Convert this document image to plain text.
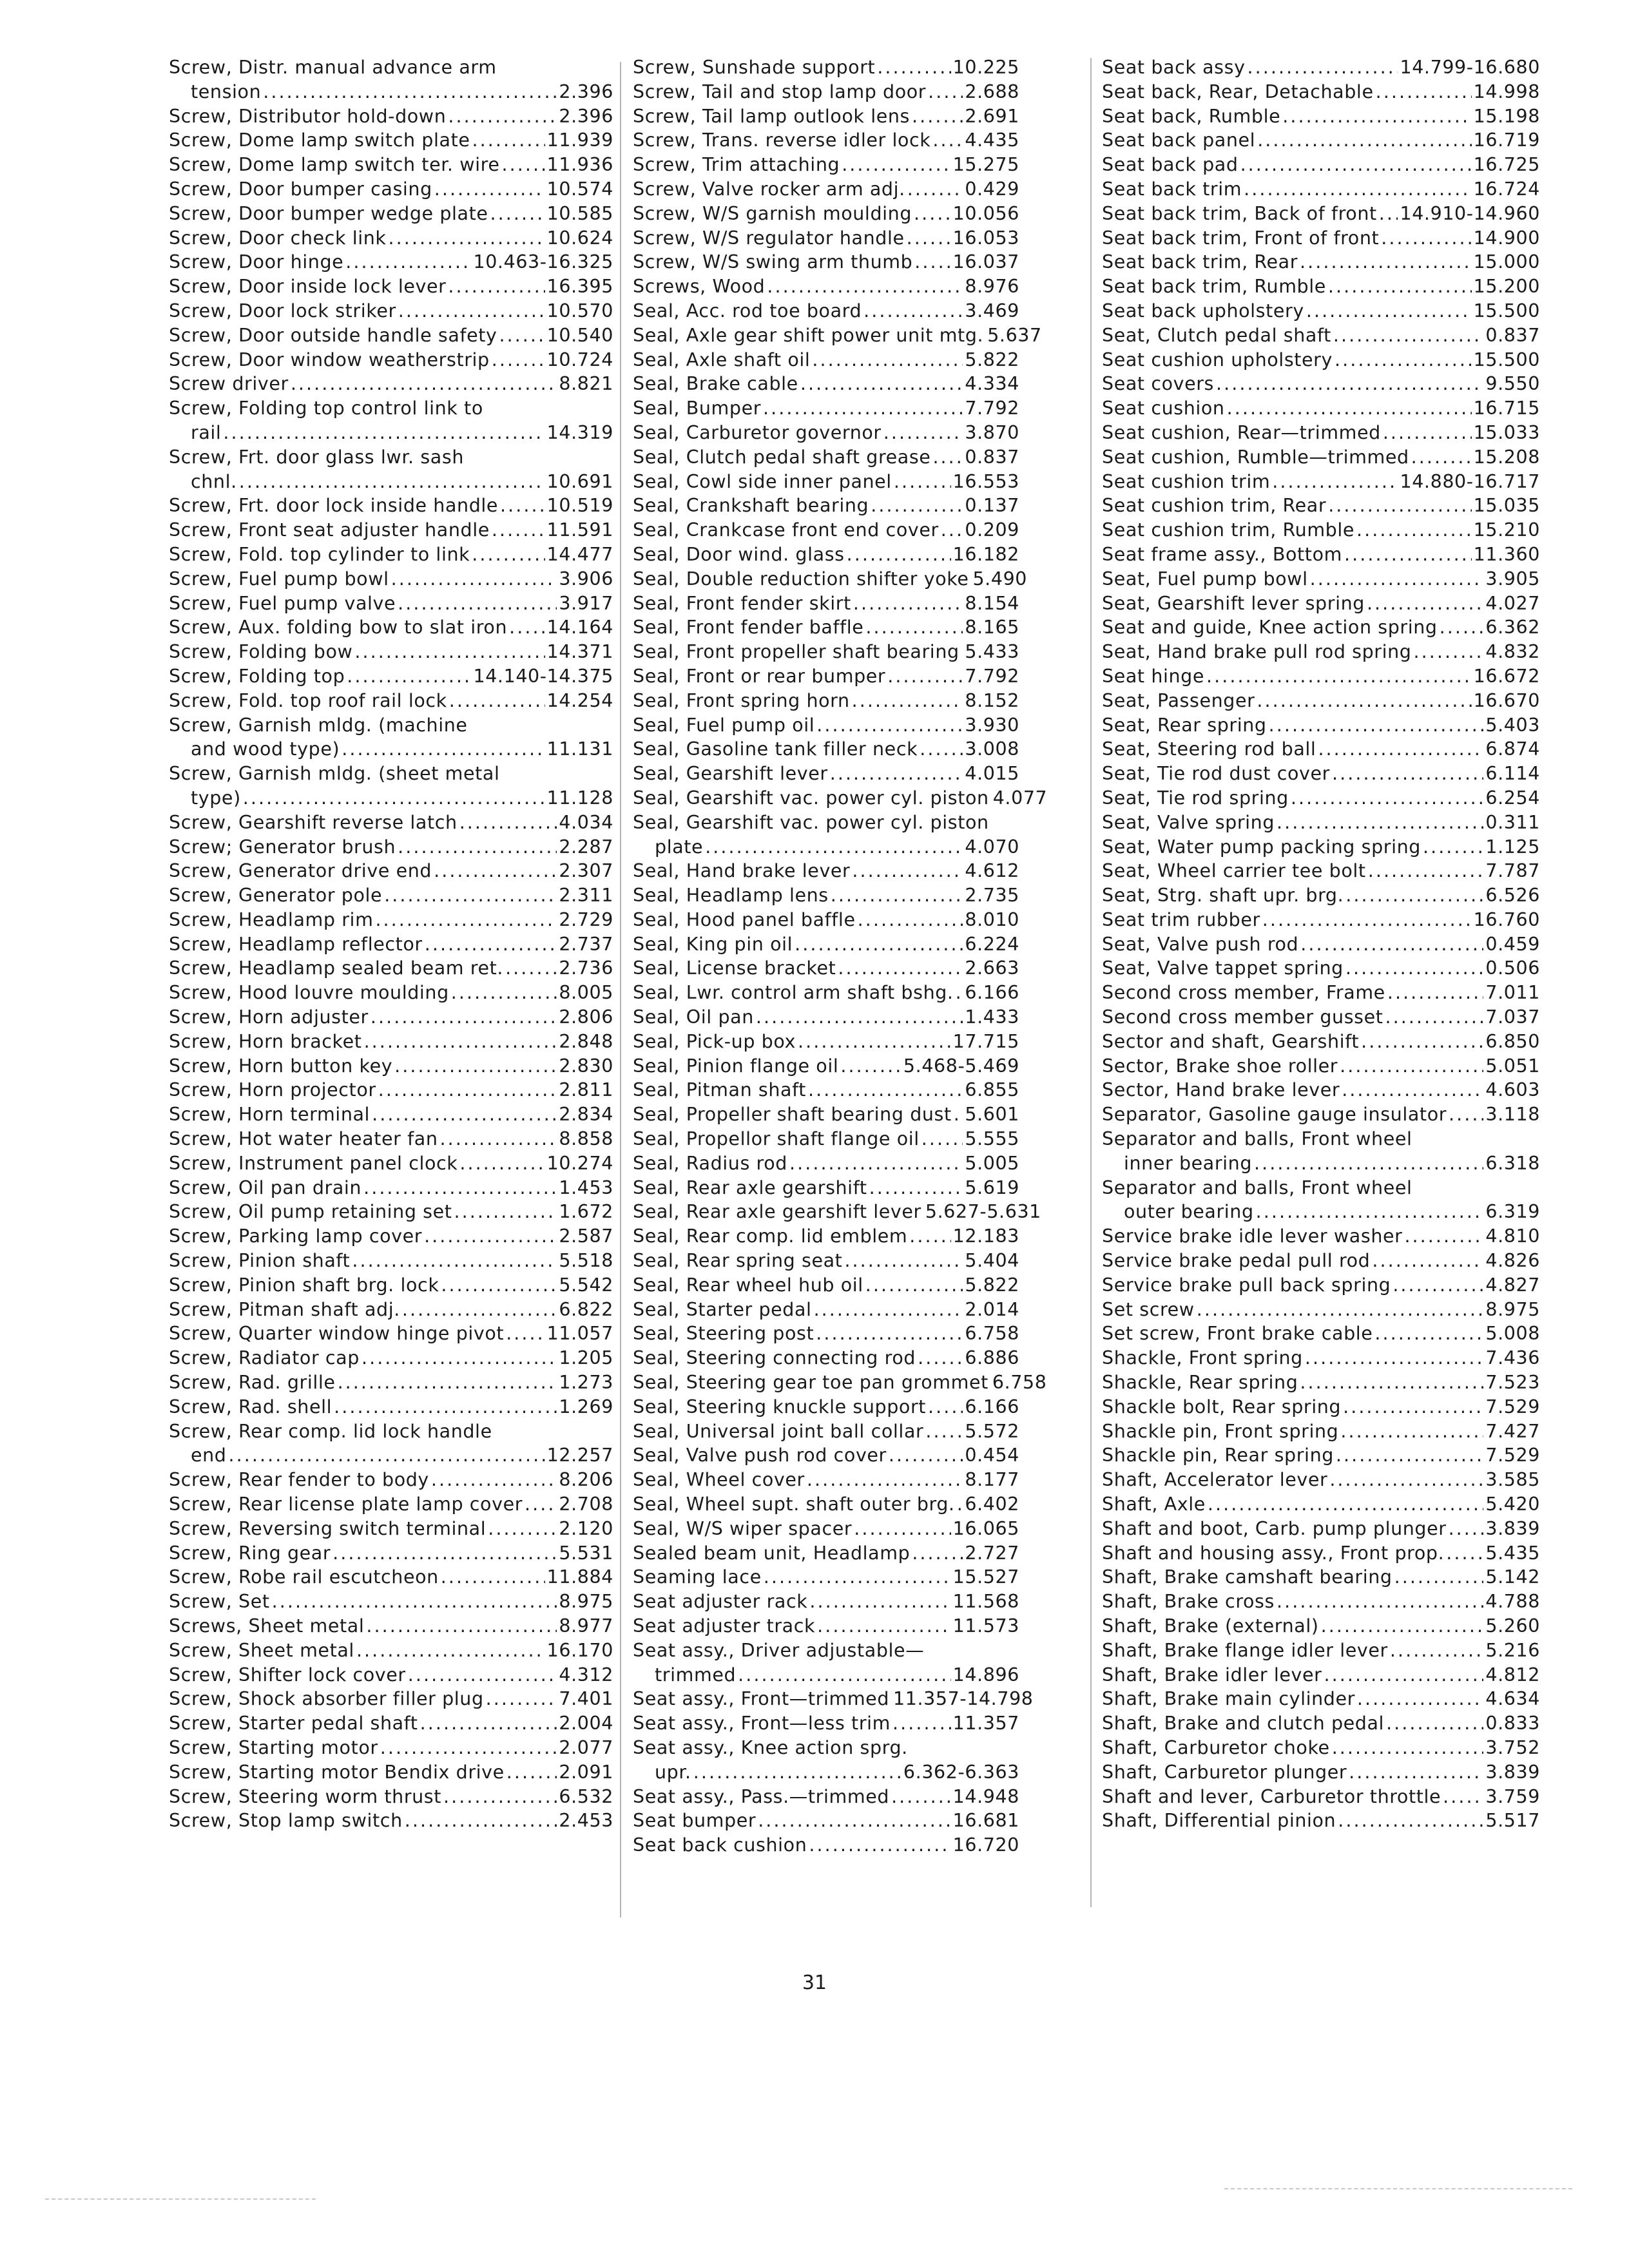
Screw, Distr. manual advance arm
tension . . .	2.396
Screw, Distributor hold-down . . .	2.396
Screw, Dome lamp switch plate . . .	11.939
Screw, Dome lamp switch ter. wire . . .	11.936
Screw, Door bumper casing . . .	10.574
Screw, Door bumper wedge plate . . .	10.585
Screw, Door check link . . .	10.624
Screw, Door hinge . . .	10.463-16.325
Screw, Door inside lock lever . . .	16.395
Screw, Door lock striker . . .	10.570
Screw, Door outside handle safety . . .	10.540
Screw, Door window weatherstrip . . .	10.724
Screw driver . . .	8.821
Screw, Folding top control link to
rail . . .	14.319
Screw, Frt. door glass lwr. sash
chnl. . . .	10.691
Screw, Frt. door lock inside handle . . .	10.519
Screw, Front seat adjuster handle . . .	11.591
Screw, Fold. top cylinder to link . . .	14.477
Screw, Fuel pump bowl . . .	3.906
Screw, Fuel pump valve . . .	3.917
Screw, Aux. folding bow to slat iron . . . 14.164
Screw, Folding bow . . .	14.371
Screw, Folding top . . .	14.140-14.375
Screw, Fold. top roof rail lock . . .	14.254
Screw, Garnish mldg. (machine
and wood type) . . .	11.131
Screw, Garnish mldg. (sheet metal
type) . . .	11.128
Screw, Gearshift reverse latch . . .	4.034
Screw; Generator brush . . .	2.287
Screw, Generator drive end . . .	2.307
Screw, Generator pole . . .	2.311
Screw, Headlamp rim . . .	2.729
Screw, Headlamp reflector . . .	2.737
Screw, Headlamp sealed beam ret. . . .	2.736
Screw, Hood louvre moulding . . .	8.005
Screw, Horn adjuster . . .	2.806
Screw, Horn bracket . . .	2.848
Screw, Horn button key . . .	2.830
Screw, Horn projector . . .	2.811
Screw, Horn terminal . . .	2.834
Screw, Hot water heater fan . . .	8.858
Screw, Instrument panel clock . . .	10.274
Screw, Oil pan drain . . .	1.453
Screw, Oil pump retaining set . . .	1.672
Screw, Parking lamp cover . . .	2.587
Screw, Pinion shaft . . .	5.518
Screw, Pinion shaft brg. lock . . .	5.542
Screw, Pitman shaft adj. . . .	6.822
Screw, Quarter window hinge pivot . . . 11.057
Screw, Radiator cap . . .	1.205
Screw, Rad. grille . . .	1.273
Screw, Rad. shell . . .	1.269
Screw, Rear comp. lid lock handle
end . . .	12.257
Screw, Rear fender to body . . .	8.206
Screw, Rear license plate lamp cover . . . 2.708
Screw, Reversing switch terminal . . .	2.120
Screw, Ring gear . . .	5.531
Screw, Robe rail escutcheon . . .	11.884
Screw, Set . . .	8.975
Screws, Sheet metal . . .	8.977
Screw, Sheet metal . . .	16.170
Screw, Shifter lock cover . . .	4.312
Screw, Shock absorber filler plug . . .	7.401
Screw, Starter pedal shaft . . .	2.004
Screw, Starting motor . . .	2.077
Screw, Starting motor Bendix drive . . .	2.091
Screw, Steering worm thrust . . .	6.532
Screw, Stop lamp switch . . .	2.453
Screw, Sunshade support . . .	10.225
Screw, Tail and stop lamp door . . . 2.688
Screw, Tail lamp outlook lens . . .	2.691
Screw, Trans. reverse idler lock . . . 4.435
Screw, Trim attaching . . .	15.275
Screw, Valve rocker arm adj. . . .	0.429
Screw, W/S garnish moulding . . . 10.056
Screw, W/S regulator handle . . .	16.053
Screw, W/S swing arm thumb . . . 16.037
Screws, Wood . . .	8.976
Seal, Acc. rod toe board . . .	3.469
Seal, Axle gear shift power unit mtg. 5.637
Seal, Axle shaft oil . . .	5.822
Seal, Brake cable . . .	4.334
Seal, Bumper . . .	7.792
Seal, Carburetor governor . . .	3.870
Seal, Clutch pedal shaft grease . . . 0.837
Seal, Cowl side inner panel . . .	16.553
Seal, Crankshaft bearing . . .	0.137
Seal, Crankcase front end cover . . . 0.209
Seal, Door wind. glass . . .	16.182
Seal, Double reduction shifter yoke 5.490
Seal, Front fender skirt . . .	8.154
Seal, Front fender baffle . . .	8.165
Seal, Front propeller shaft bearing . . . 5.433
Seal, Front or rear bumper . . .	7.792
Seal, Front spring horn . . .	8.152
Seal, Fuel pump oil . . .	3.930
Seal, Gasoline tank filler neck . . .	3.008
Seal, Gearshift lever . . .	4.015
Seal, Gearshift vac. power cyl. piston 4.077
Seal, Gearshift vac. power cyl. piston
plate . . .	4.070
Seal, Hand brake lever . . .	4.612
Seal, Headlamp lens . . .	2.735
Seal, Hood panel baffle . . .	8.010
Seal, King pin oil . . .	6.224
Seal, License bracket . . .	2.663
Seal, Lwr. control arm shaft bshg. . . . 6.166
Seal, Oil pan . . .	1.433
Seal, Pick-up box . . .	17.715
Seal, Pinion flange oil . . .	5.468-5.469
Seal, Pitman shaft . . .	6.855
Seal, Propeller shaft bearing dust . . . 5.601
Seal, Propellor shaft flange oil . . . 5.555
Seal, Radius rod . . .	5.005
Seal, Rear axle gearshift . . .	5.619
Seal, Rear axle gearshift lever 5.627-5.631
Seal, Rear comp. lid emblem . . . 12.183
Seal, Rear spring seat . . .	5.404
Seal, Rear wheel hub oil . . .	5.822
Seal, Starter pedal . . .	2.014
Seal, Steering post . . .	6.758
Seal, Steering connecting rod . . .	6.886
Seal, Steering gear toe pan grommet 6.758
Seal, Steering knuckle support . . . 6.166
Seal, Universal joint ball collar . . . 5.572
Seal, Valve push rod cover . . .	0.454
Seal, Wheel cover . . .	8.177
Seal, Wheel supt. shaft outer brg. . . . 6.402
Seal, W/S wiper spacer . . .	16.065
Sealed beam unit, Headlamp . . .	2.727
Seaming lace . . .	15.527
Seat adjuster rack . . .	11.568
Seat adjuster track . . .	11.573
Seat assy., Driver adjustable—
trimmed . . .	14.896
Seat assy., Front—trimmed 11.357-14.798
Seat assy., Front—less trim . . .	11.357
Seat assy., Knee action sprg.
upr. . . .	6.362-6.363
Seat assy., Pass.—trimmed . . .	14.948
Seat bumper . . .	16.681
Seat back cushion . . .	16.720
Seat back assy . . .	14.799-16.680
Seat back, Rear, Detachable . . .	14.998
Seat back, Rumble . . .	15.198
Seat back panel . . .	16.719
Seat back pad . . .	16.725
Seat back trim . . .	16.724
Seat back trim, Back of front . . . 14.910-14.960
Seat back trim, Front of front . . .	14.900
Seat back trim, Rear . . .	15.000
Seat back trim, Rumble . . .	15.200
Seat back upholstery . . .	15.500
Seat, Clutch pedal shaft . . .	0.837
Seat cushion upholstery . . .	15.500
Seat covers . . .	9.550
Seat cushion . . .	16.715
Seat cushion, Rear—trimmed . . .	15.033
Seat cushion, Rumble—trimmed . . .	15.208
Seat cushion trim . . .	14.880-16.717
Seat cushion trim, Rear . . .	15.035
Seat cushion trim, Rumble . . .	15.210
Seat frame assy., Bottom . . .	11.360
Seat, Fuel pump bowl . . .	3.905
Seat, Gearshift lever spring . . .	4.027
Seat and guide, Knee action spring . . .	6.362
Seat, Hand brake pull rod spring . . .	4.832
Seat hinge . . .	16.672
Seat, Passenger . . .	16.670
Seat, Rear spring . . .	5.403
Seat, Steering rod ball . . .	6.874
Seat, Tie rod dust cover . . .	6.114
Seat, Tie rod spring . . .	6.254
Seat, Valve spring . . .	0.311
Seat, Water pump packing spring . . .	1.125
Seat, Wheel carrier tee bolt . . .	7.787
Seat, Strg. shaft upr. brg. . . .	6.526
Seat trim rubber . . .	16.760
Seat, Valve push rod . . .	0.459
Seat, Valve tappet spring . . .	0.506
Second cross member, Frame . . .	7.011
Second cross member gusset . . .	7.037
Sector and shaft, Gearshift . . .	6.850
Sector, Brake shoe roller . . .	5.051
Sector, Hand brake lever . . .	4.603
Separator, Gasoline gauge insulator . . . 3.118
Separator and balls, Front wheel
inner bearing . . .	6.318
Separator and balls, Front wheel
outer bearing . . .	6.319
Service brake idle lever washer . . .	4.810
Service brake pedal pull rod . . .	4.826
Service brake pull back spring . . .	4.827
Set screw . . .	8.975
Set screw, Front brake cable . . .	5.008
Shackle, Front spring . . .	7.436
Shackle, Rear spring . . .	7.523
Shackle bolt, Rear spring . . .	7.529
Shackle pin, Front spring . . .	7.427
Shackle pin, Rear spring . . .	7.529
Shaft, Accelerator lever . . .	3.585
Shaft, Axle . . .	5.420
Shaft and boot, Carb. pump plunger . . . 3.839
Shaft and housing assy., Front prop. . . . 5.435
Shaft, Brake camshaft bearing . . .	5.142
Shaft, Brake cross . . .	4.788
Shaft, Brake (external) . . .	5.260
Shaft, Brake flange idler lever . . .	5.216
Shaft, Brake idler lever . . .	4.812
Shaft, Brake main cylinder . . .	4.634
Shaft, Brake and clutch pedal . . .	0.833
Shaft, Carburetor choke . . .	3.752
Shaft, Carburetor plunger . . .	3.839
Shaft and lever, Carburetor throttle . . . 3.759
Shaft, Differential pinion . . .	5.517
31
